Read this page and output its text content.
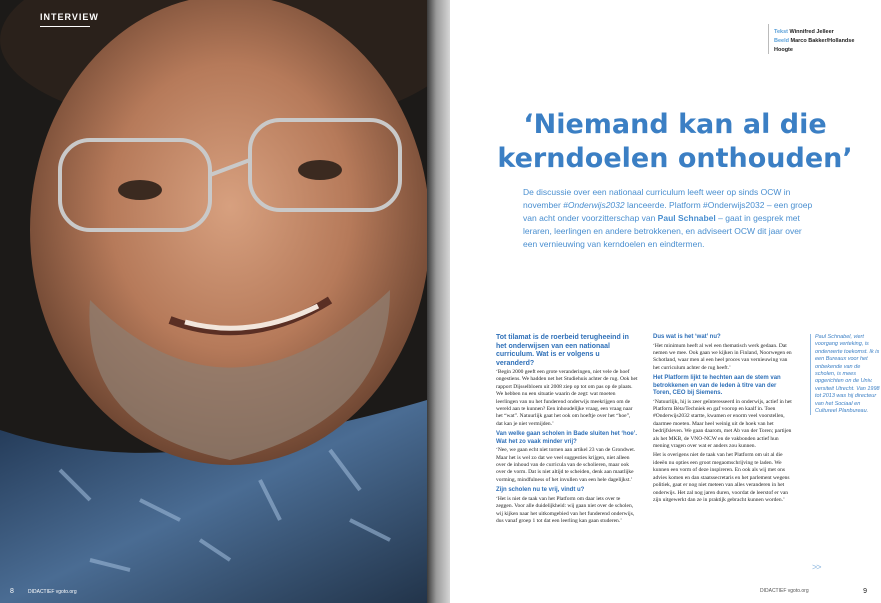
INTERVIEW
8	DIDACTIEF vgoto.org
Tekst Winnifred Jelleer
Beeld Marco Bakker/Hollandse
Hoogte
‘Niemand kan al die
kerndoelen onthouden’
De discussie over een nationaal curriculum leeft weer op sinds OCW in november #Onderwijs2032 lanceerde. Platform #Onderwijs2032 – een groep van acht onder voorzitterschap van Paul Schnabel – gaat in gesprek met leraren, leerlingen en andere betrokkenen, en adviseert OCW dit jaar over een vernieuwing van kerndoelen en eindtermen.
Tot tilamat is de roerbeid terugheeind in het onderwijsen van een nationaal curriculum. Wat is er volgens u veranderd?

‘Begin 2000 geeft een grote veranderingen, niet vele de hoef ongestiens. We hadden net het Studiehuis achter de rug. Ook het rapport Dijsselbloem uit 2008 ziep op tot om pas op de plaats. We hebben nu een situatie waarin de zegt: wat moeten leerlingen van nu het funderend onderwijs meekrijgen om de wereld aan te kunnen? Een inhoudelijke vraag, een vraag naar het “wat”. Natuurlijk gaat het ook om hoeftje over het “hoe”, dat kan je niet vermijden.’

Van welke gaan scholen in Bade sluiten het ‘hoe’. Wat het zo vaak minder vrij?

‘Nee, we gaan echt niet tornen aan artikel 23 van de Grondwet. Maar het is wel zo dat we veel suggesties krijgen, niet alleen over de inhoud van de curricula van de scholieren, maar ook over de vorm. Dat is niet altijd te scheiden, denk aan maatlijke vorming, mindfulness of het invullen van een hele dagelijkst.’

Zijn scholen nu te vrij, vindt u?

‘Het is niet de taak van het Platform om daar iets over te zeggen. Voor alle duidelijkheid: wij gaan niet over de scholen, wij kijken naar het uitkomgebied van het funderend onderwijs, dus vanaf groep 1 tot dat een leerling kan gaan studeren.’

Dus wat is het ‘wat’ nu?

‘Het minimum heeft al wel een thematisch werk gedaan. Dat nemen we mee. Ook gaan we kijken in Finland, Noorwegen en Schotland, waar men al een heel proces van vernieuwing van het curriculum achter de rug heeft.’

Het Platform lijkt te hechten aan de stem van betrokkenen en van de leden à titre van der Toren, CEO bij Siemens.

‘Natuurlijk, hij is zeer geïnteresseerd in onderwijs, actief in het Platform Bèta/Techniek en gaf voorop en kaalf in. Toen #Onderwijs2032 startte, kwamen er enorm veel voorstellen, daarmee moeten. Maar heel weinig uit de hoek van het bedrijfsleven. We gaan daarom, met Ab van der Toren; partijen als het MKB, de VNO-NCW en de vakbonden actief hun mening vragen over wat er anders zou kunnen.

Het is overigens niet de taak van het Platform om uit al die ideeën nu opties een groot megaomschrijving te laden. We kunnen een vorm of deze inspireren. En ook als wij met ons advies komen en dan staatssecretaris en het parlement wegens politiek, gaat er nog niet meteen van alles veranderen in het onderwijs. Het zal nog jaren duren, voordat de leerstof er van zijn uitgewerkt dan ze in praktijk gebracht kunnen worden.’

Paul Schnabel, viert voorgang verteking, is onderwerte toekomst. Ik is een Bureaux voor het onbekende van de scholen, is mees opgerichten on de Univ. versiteit Utrecht. Van 1998 tot 2013 was hij directeur van het Sociaal en Cultureel Planbureau.
>>
DIDACTIEF vgoto.org	9
